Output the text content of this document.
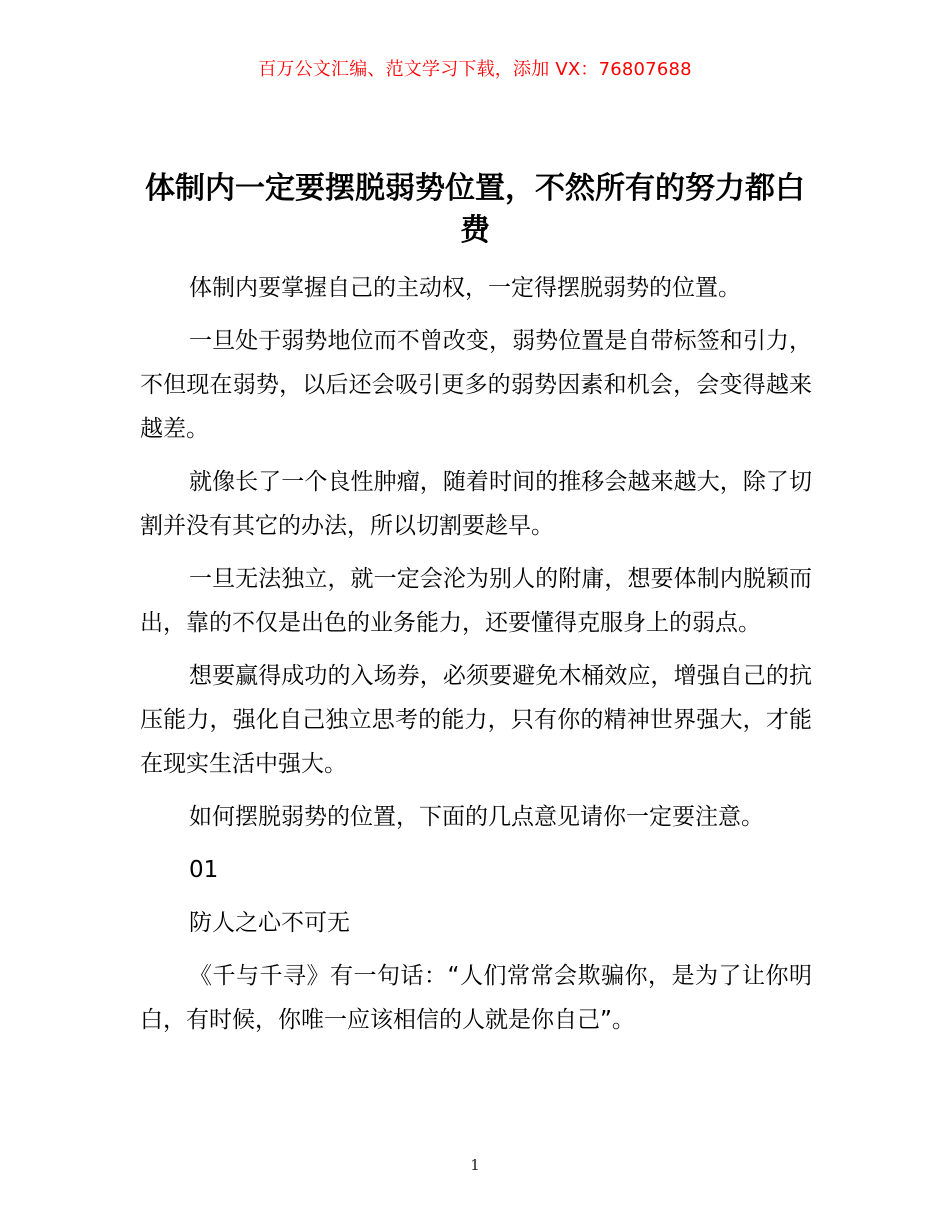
百万公文汇编、范文学习下载，添加 VX：76807688
体制内一定要摆脱弱势位置，不然所有的努力都白费

体制内要掌握自己的主动权，一定得摆脱弱势的位置。

一旦处于弱势地位而不曾改变，弱势位置是自带标签和引力，不但现在弱势，以后还会吸引更多的弱势因素和机会，会变得越来越差。

就像长了一个良性肿瘤，随着时间的推移会越来越大，除了切割并没有其它的办法，所以切割要趁早。

一旦无法独立，就一定会沦为别人的附庸，想要体制内脱颖而出，靠的不仅是出色的业务能力，还要懂得克服身上的弱点。

想要赢得成功的入场券，必须要避免木桶效应，增强自己的抗压能力，强化自己独立思考的能力，只有你的精神世界强大，才能在现实生活中强大。

如何摆脱弱势的位置，下面的几点意见请你一定要注意。

01

防人之心不可无

《千与千寻》有一句话：“人们常常会欺骗你，是为了让你明白，有时候，你唯一应该相信的人就是你自己”。

1
